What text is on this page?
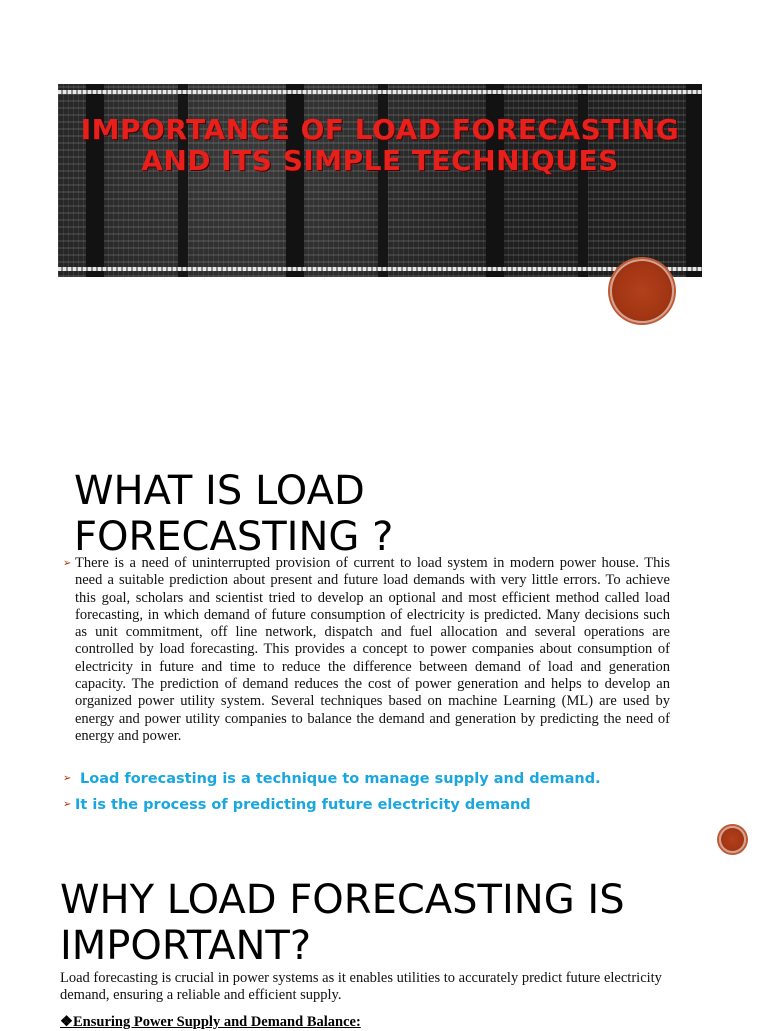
IMPORTANCE OF LOAD FORECASTING AND ITS SIMPLE TECHNIQUES
WHAT IS LOAD
FORECASTING ?
➢ There is a need of uninterrupted provision of current to load system in modern power house. This need a suitable prediction about present and future load demands with very little errors. To achieve this goal, scholars and scientist tried to develop an optional and most efficient method called load forecasting, in which demand of future consumption of electricity is predicted. Many decisions such as unit commitment, off line network, dispatch and fuel allocation and several operations are controlled by load forecasting. This provides a concept to power companies about consumption of electricity in future and time to reduce the difference between demand of load and generation capacity. The prediction of demand reduces the cost of power generation and helps to develop an organized power utility system. Several techniques based on machine Learning (ML) are used by energy and power utility companies to balance the demand and generation by predicting the need of energy and power.

➢ Load forecasting is a technique to manage supply and demand.
➢ It is the process of predicting future electricity demand
WHY LOAD FORECASTING IS
IMPORTANT?

Load forecasting is crucial in power systems as it enables utilities to accurately predict future electricity demand, ensuring a reliable and efficient supply.

❖Ensuring Power Supply and Demand Balance:
